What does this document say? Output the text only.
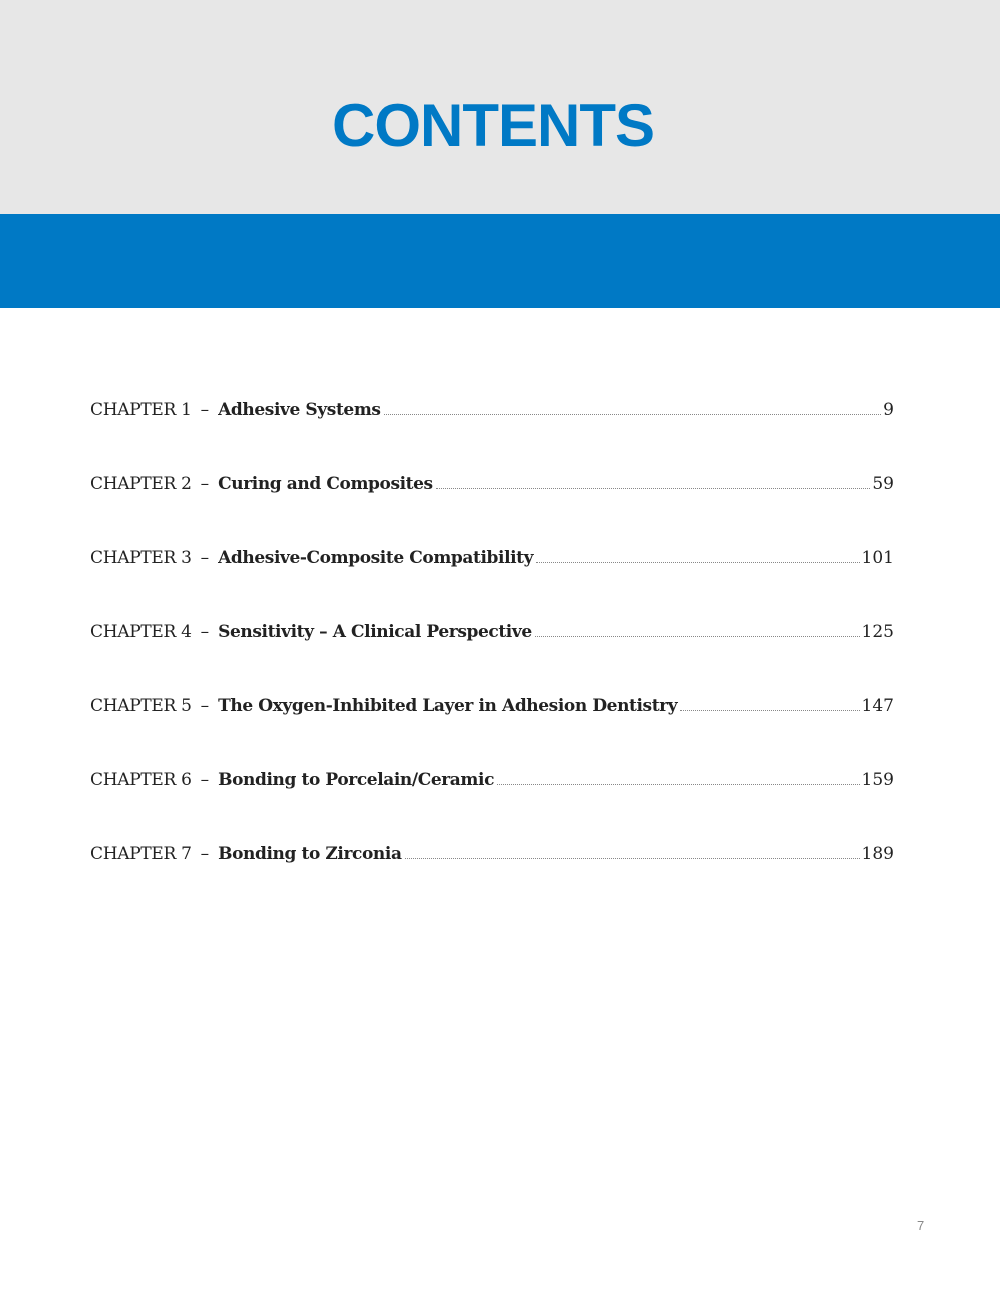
CONTENTS
CHAPTER 1 – Adhesive Systems	9
CHAPTER 2 – Curing and Composites	59
CHAPTER 3 – Adhesive-Composite Compatibility	101
CHAPTER 4 – Sensitivity – A Clinical Perspective	125
CHAPTER 5 – The Oxygen-Inhibited Layer in Adhesion Dentistry	147
CHAPTER 6 – Bonding to Porcelain/Ceramic	159
CHAPTER 7 – Bonding to Zirconia	189
7
